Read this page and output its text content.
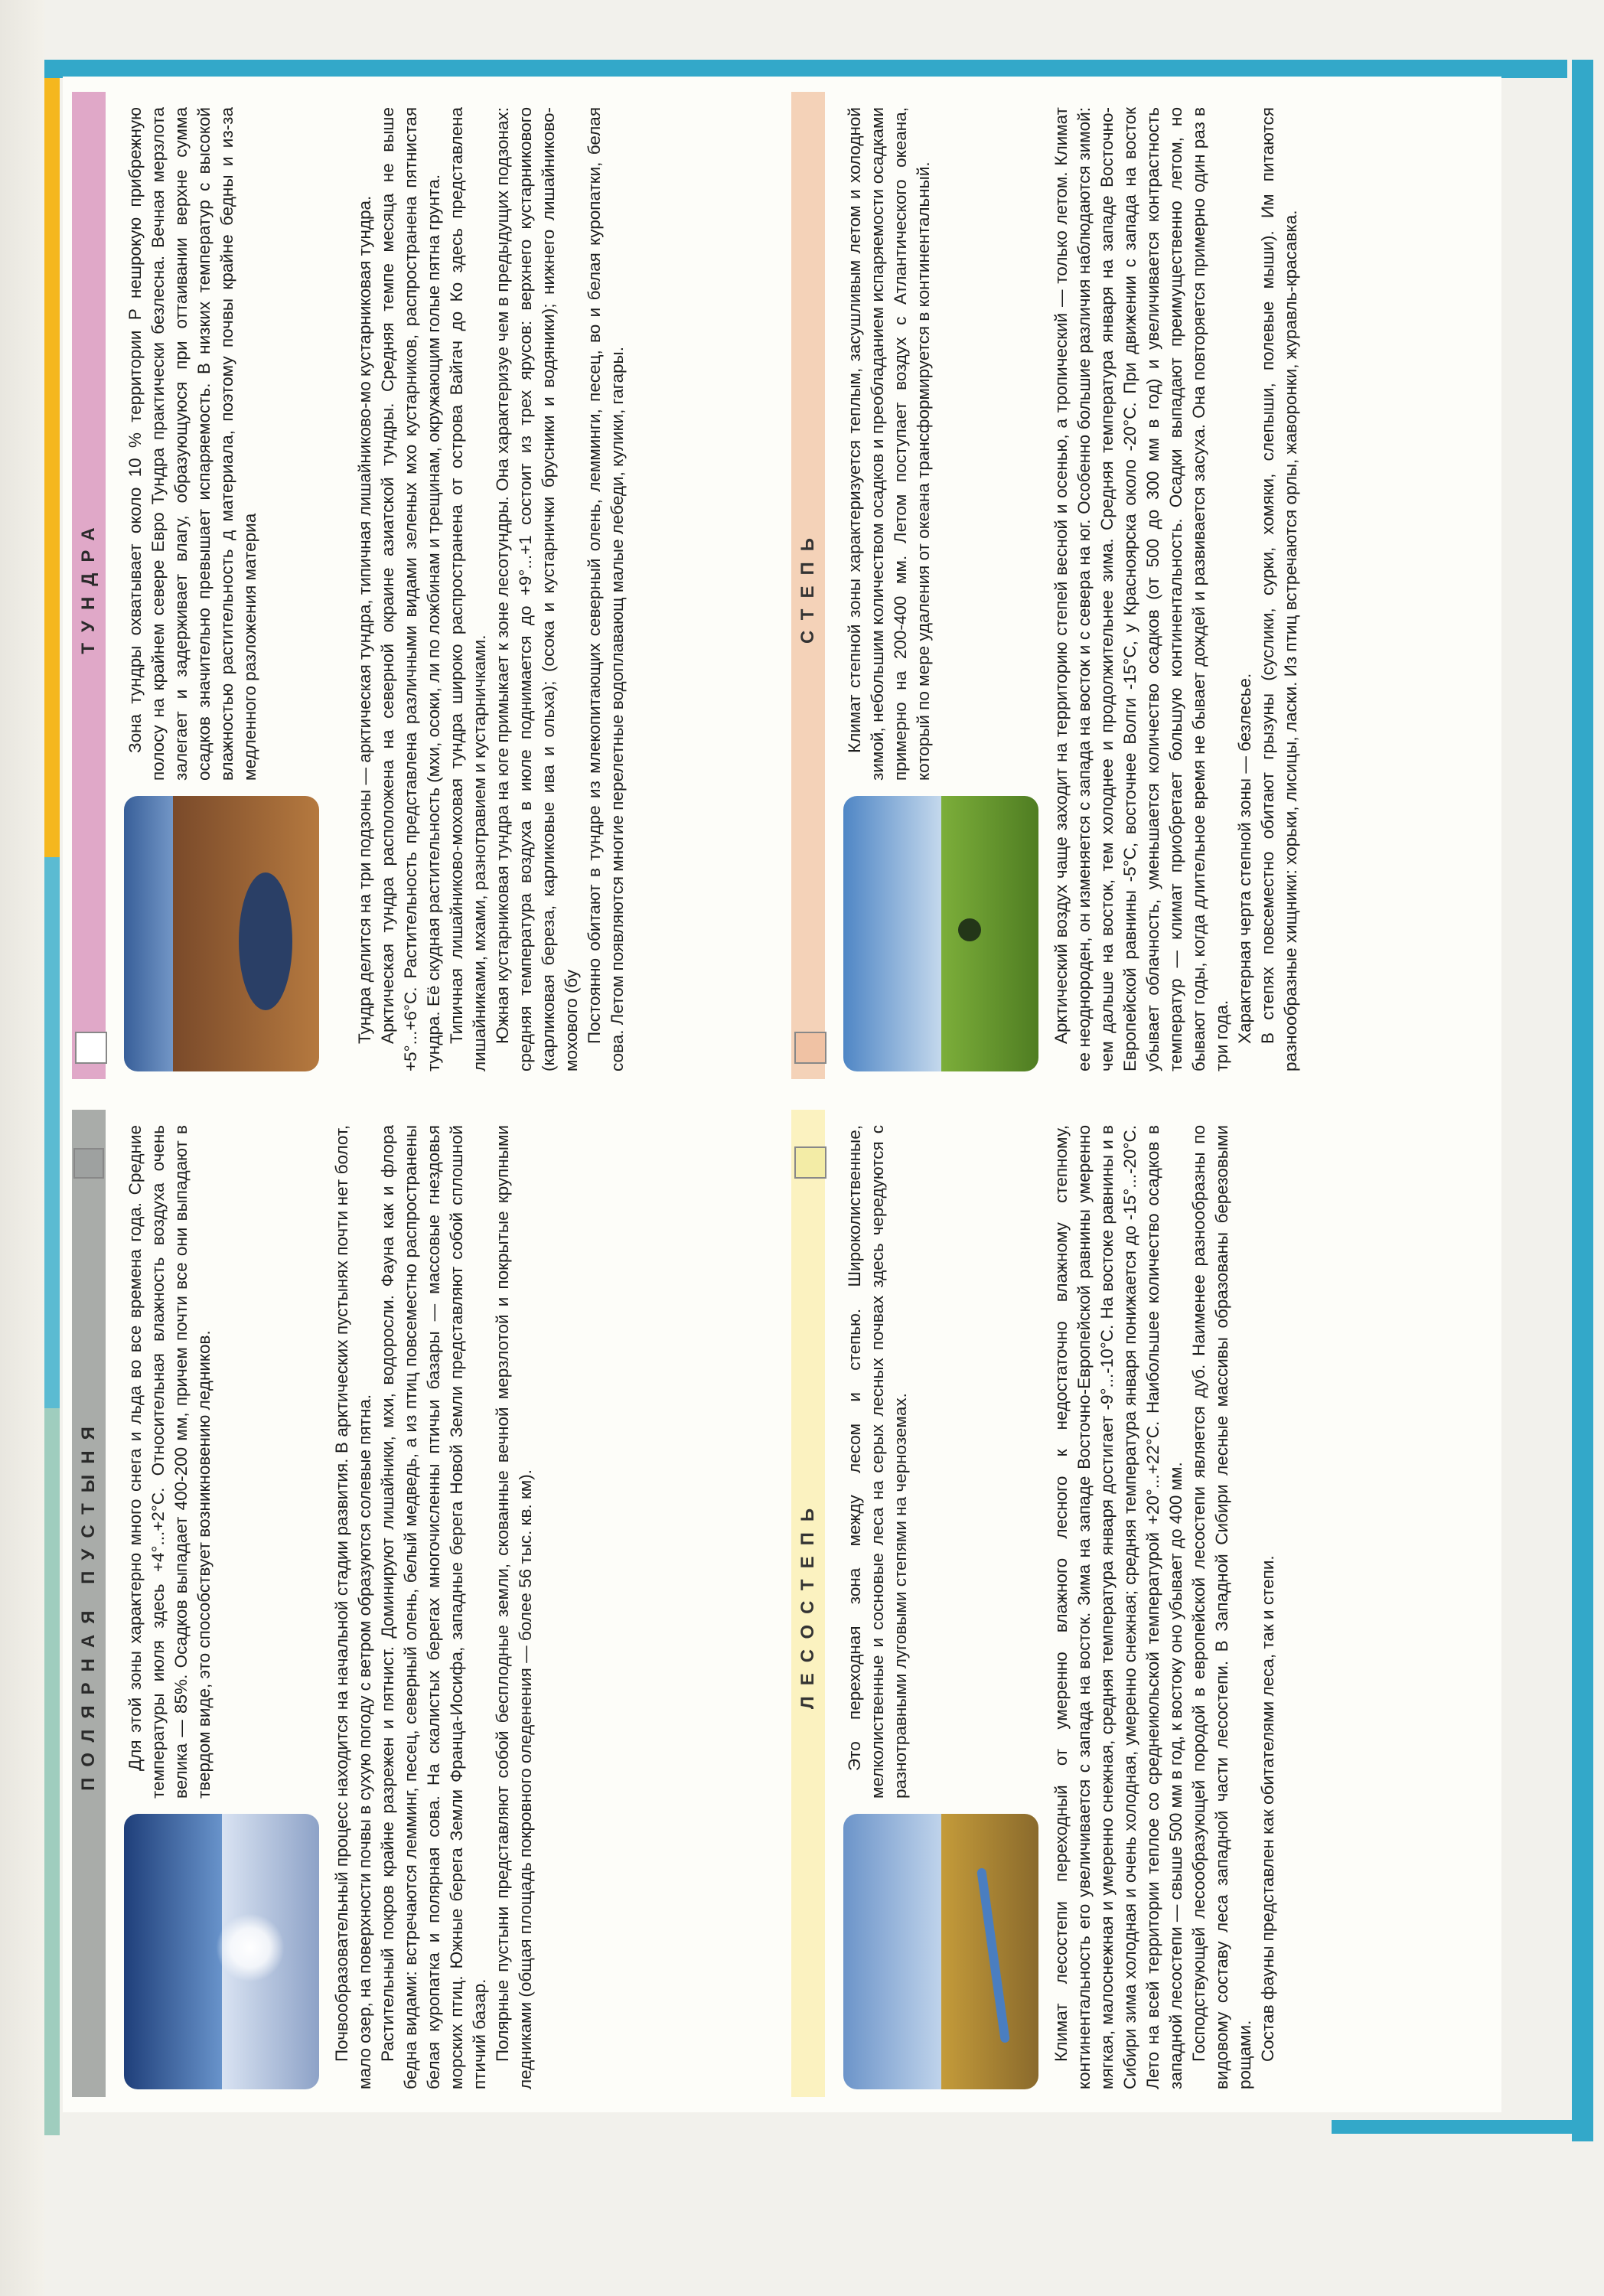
ПОЛЯРНАЯ ПУСТЫНЯ	Для этой зоны характерно много снега и льда во все времена года. Средние температуры июля здесь +4°...+2°С. Относительная влажность воздуха очень велика — 85%. Осадков выпадает 400-200 мм, причем почти все они выпадают в твердом виде, это способствует возникновению ледников.	Почвообразовательный процесс находится на начальной стадии развития. В арктических пустынях почти нет болот, мало озер, на поверхности почвы в сухую погоду с ветром образуются солевые пятна. Растительный покров крайне разрежен и пятнист. Доминируют лишайники, мхи, водоросли. Фауна как и флора бедна видами: встречаются лемминг, песец, северный олень, белый медведь, а из птиц повсеместно распространены белая куропатка и полярная сова. На скалистых берегах многочисленны птичьи базары — массовые гнездовья морских птиц. Южные берега Земли Франца-Иосифа, западные берега Новой Земли представляют собой сплошной птичий базар. Полярные пустыни представляют собой бесплодные земли, скованные вечной мерзлотой и покрытые крупными ледниками (общая площадь покровного оледенения — более 56 тыс. кв. км).

ТУНДРА	Зона тундры охватывает около 10 % территории Р нешрокую прибрежную полосу на крайнем севере Евро Тундра практически безлесна. Вечная мерзлота залегает и задерживает влагу, образующуюся при оттаивании верхне сумма осадков значительно превышает испаряемость. В низких температур с высокой влажностью растительность д материала, поэтому почвы крайне бедны и из-за медленного разложения материа	Тундра делится на три подзоны — арктическая тундра, типичная лишайниково-мо кустарниковая тундра. Арктическая тундра расположена на северной окраине азиатской тундры. Средняя темпе месяца не выше +5°...+6°С. Растительность представлена различными видами зеленых мхо кустарников, распространена пятнистая тундра. Её скудная растительность (мхи, осоки, ли по ложбинам и трещинам, окружающим голые пятна грунта. Типичная лишайниково-моховая тундра широко распространена от острова Вайгач до Ко здесь представлена лишайниками, мхами, разнотравием и кустарничками. Южная кустарниковая тундра на юге примыкает к зоне лесотундры. Она характеризуе чем в предыдущих подзонах: средняя температура воздуха в июле поднимается до +9°...+1 состоит из трех ярусов: верхнего кустарникового (карликовая береза, карликовые ива и ольха); (осока и кустарнички брусники и водяники); нижнего лишайниково-мохового (бу Постоянно обитают в тундре из млекопитающих северный олень, лемминги, песец, во и белая куропатки, белая сова. Летом появляются многие перелетные водоплавающ малые лебеди, кулики, гагары.

ЛЕСОСТЕПЬ	Это переходная зона между лесом и степью. Широколиственные, мелколиственные и сосновые леса на серых лесных почвах здесь чередуются с разнотравными луговыми степями на черноземах.	Климат лесостепи переходный от умеренно влажного лесного к недостаточно влажному степному, континентальность его увеличивается с запада на восток. Зима на западе Восточно-Европейской равнины умеренно мягкая, малоснежная и умеренно снежная, средняя температура января достигает -9°...-10°С. На востоке равнины и в Сибири зима холодная и очень холодная, умеренно снежная; средняя температура января понижается до -15°...-20°С. Лето на всей территории теплое со среднеиюльской температурой +20°...+22°С. Наибольшее количество осадков в западной лесостепи — свыше 500 мм в год, к востоку оно убывает до 400 мм. Господствующей лесообразующей породой в европейской лесостепи является дуб. Наименее разнообразны по видовому составу леса западной части лесостепи. В Западной Сибири лесные массивы образованы березовыми рощами. Состав фауны представлен как обитателями леса, так и степи.

СТЕПЬ	Климат степной зоны характеризуется теплым, засушливым летом и холодной зимой, небольшим количеством осадков и преобладанием испаряемости осадками примерно на 200-400 мм. Летом поступает воздух с Атлантического океана, который по мере удаления от океана трансформируется в континентальный.	Арктический воздух чаще заходит на территорию степей весной и осенью, а тропический — только летом. Климат ее неоднороден, он изменяется с запада на восток и с севера на юг. Особенно большие различия наблюдаются зимой: чем дальше на восток, тем холоднее и продолжительнее зима. Средняя температура января на западе Восточно-Европейской равнины -5°С, восточнее Волги -15°С, у Красноярска около -20°С. При движении с запада на восток убывает облачность, уменьшается количество осадков (от 500 до 300 мм в год) и увеличивается контрастность температур — климат приобретает большую континентальность. Осадки выпадают преимущественно летом, но бывают годы, когда длительное время не бывает дождей и развивается засуха. Она повторяется примерно один раз в три года. Характерная черта степной зоны — безлесье. В степях повсеместно обитают грызуны (суслики, сурки, хомяки, слепыши, полевые мыши). Им питаются разнообразные хищники: хорьки, лисицы, ласки. Из птиц встречаются орлы, жаворонки, журавль-красавка.
